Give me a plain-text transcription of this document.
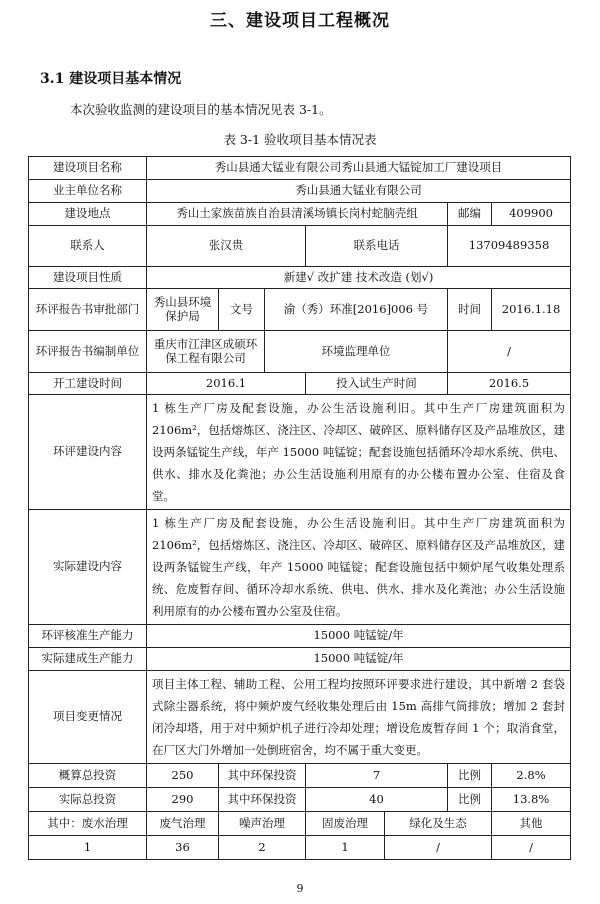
三、建设项目工程概况
3.1 建设项目基本情况
本次验收监测的建设项目的基本情况见表 3-1。
表 3-1 验收项目基本情况表
建设项目名称	秀山县通大锰业有限公司秀山县通大锰锭加工厂建设项目						
业主单位名称	秀山县通大锰业有限公司						
建设地点	秀山土家族苗族自治县清溪场镇长岗村蛇脑壳组					邮编	409900
联系人	张汉贵			联系电话		13709489358	
建设项目性质	新建√ 改扩建 技术改造 (划√)						
环评报告书审批部门	秀山县环境保护局	文号	渝（秀）环准[2016]006 号			时间	2016.1.18
环评报告书编制单位	重庆市江津区成硕环保工程有限公司		环境监理单位			/	
开工建设时间	2016.1			投入试生产时间		2016.5	
环评建设内容	1 栋生产厂房及配套设施，办公生活设施利旧。其中生产厂房建筑面积为 2106m²，包括熔炼区、浇注区、冷却区、破碎区、原料储存区及产品堆放区，建设两条锰锭生产线，年产 15000 吨锰锭；配套设施包括循环冷却水系统、供电、供水、排水及化粪池；办公生活设施利用原有的办公楼布置办公室、住宿及食堂。						
实际建设内容	1 栋生产厂房及配套设施，办公生活设施利旧。其中生产厂房建筑面积为 2106m²，包括熔炼区、浇注区、冷却区、破碎区、原料储存区及产品堆放区，建设两条锰锭生产线，年产 15000 吨锰锭；配套设施包括中频炉尾气收集处理系统、危废暂存间、循环冷却水系统、供电、供水、排水及化粪池；办公生活设施利用原有的办公楼布置办公室及住宿。						
环评核准生产能力	15000 吨锰锭/年						
实际建成生产能力	15000 吨锰锭/年						
项目变更情况	项目主体工程、辅助工程、公用工程均按照环评要求进行建设，其中新增 2 套袋式除尘器系统，将中频炉废气经收集处理后由 15m 高排气筒排放；增加 2 套封闭冷却塔，用于对中频炉机子进行冷却处理；增设危废暂存间 1 个；取消食堂，在厂区大门外增加一处倒班宿舍，均不属于重大变更。						
概算总投资	250	其中环保投资		7		比例	2.8%
实际总投资	290	其中环保投资		40		比例	13.8%
其中：废水治理	废气治理	噪声治理		固废治理	绿化及生态		其他
1	36	2		1	/		/
9
